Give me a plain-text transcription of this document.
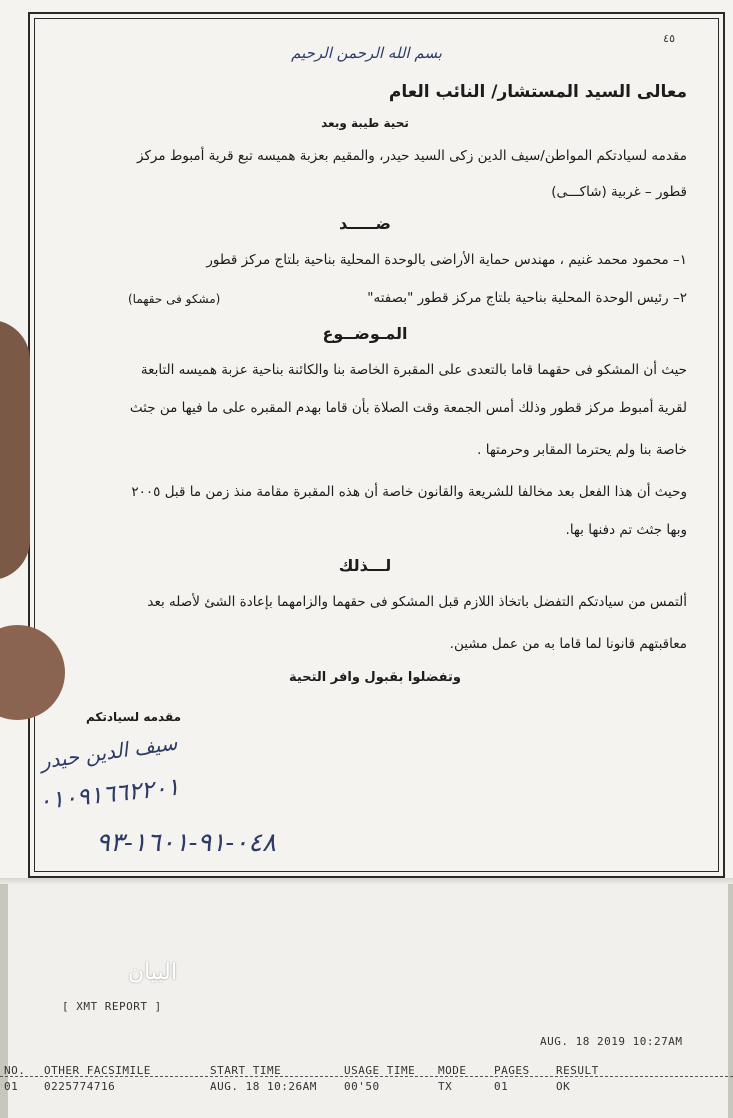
٤٥
بسم الله الرحمن الرحيم
معالى السيد المستشار/ النائب العام
تحية طيبة وبعد
مقدمه لسيادتكم المواطن/سيف الدين زكى السيد حيدر، والمقيم بعزبة هميسه تبع قرية أمبوط مركز
قطور – غربية (شاكـــى)
ضـــــد
١– محمود محمد غنيم ، مهندس حماية الأراضى بالوحدة المحلية بناحية بلتاج مركز قطور
٢– رئيس الوحدة المحلية بناحية بلتاج مركز قطور "بصفته"
(مشكو فى حقهما)
المـوضــوع
حيث أن المشكو فى حقهما قاما بالتعدى على المقبرة الخاصة بنا والكائنة بناحية عزبة هميسه التابعة
لقرية أمبوط مركز قطور وذلك أمس الجمعة وقت الصلاة بأن قاما بهدم المقبره على ما فيها من جثث
خاصة بنا ولم يحترما المقابر وحرمتها .
وحيث أن هذا الفعل بعد مخالفا للشريعة والقانون خاصة أن هذه المقبرة مقامة منذ زمن ما قبل ٢٠٠٥
وبها جثث تم دفنها بها.
لـــذلك
ألتمس من سيادتكم التفضل باتخاذ اللازم قبل المشكو فى حقهما والزامهما بإعادة الشئ لأصله بعد
معاقبتهم قانونا لما قاما به من عمل مشين.
وتفضلوا بقبول وافر التحية
مقدمه لسيادتكم
سيف الدين حيدر
٠١٠٩١٦٦٢٢٠١
٠٤٨-٩١-١٦٠١-٩٣
البيان
[ XMT REPORT ]
AUG. 18 2019 10:27AM
NO. OTHER FACSIMILE	START TIME	USAGE TIME MODE	PAGES RESULT
01 0225774716	AUG. 18 10:26AM 00'50	TX	01	OK
